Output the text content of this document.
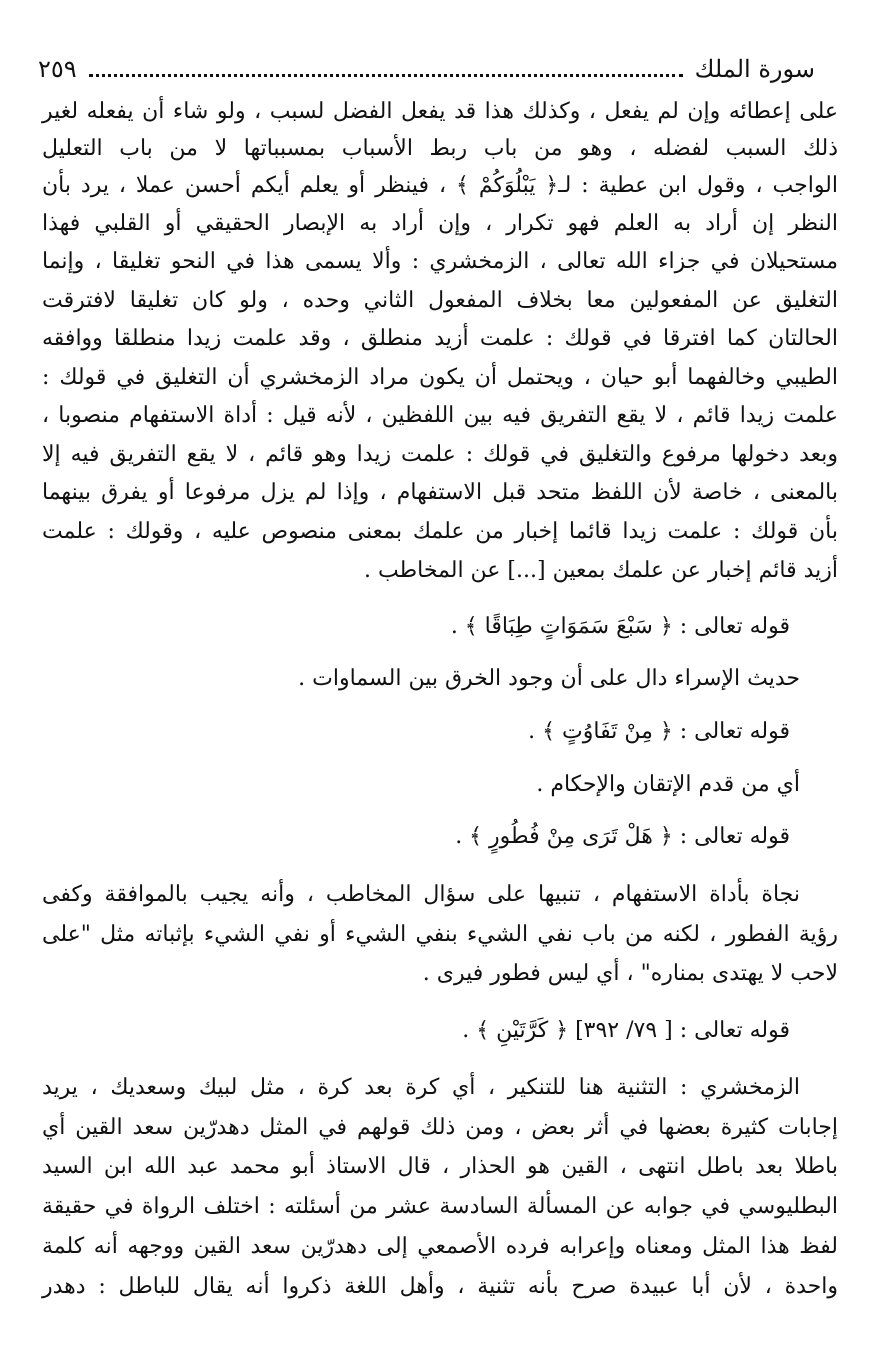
سورة الملك
٢٥٩
على إعطائه وإن لم يفعل ، وكذلك هذا قد يفعل الفضل لسبب ، ولو شاء أن يفعله لغير
ذلك السبب لفضله ، وهو من باب ربط الأسباب بمسبباتها لا من باب التعليل
الواجب ، وقول ابن عطية : لـ﴿ يَبْلُوَكُمْ ﴾ ، فينظر أو يعلم أيكم أحسن عملا ، يرد بأن
النظر إن أراد به العلم فهو تكرار ، وإن أراد به الإبصار الحقيقي أو القلبي فهذا
مستحيلان في جزاء الله تعالى ، الزمخشري : وألا يسمى هذا في النحو تغليقا ، وإنما
التغليق عن المفعولين معا بخلاف المفعول الثاني وحده ، ولو كان تغليقا لافترقت
الحالتان كما افترقا في قولك : علمت أزيد منطلق ، وقد علمت زيدا منطلقا ووافقه
الطيبي وخالفهما أبو حيان ، ويحتمل أن يكون مراد الزمخشري أن التغليق في قولك :
علمت زيدا قائم ، لا يقع التفريق فيه بين اللفظين ، لأنه قيل : أداة الاستفهام منصوبا ،
وبعد دخولها مرفوع والتغليق في قولك : علمت زيدا وهو قائم ، لا يقع التفريق فيه إلا
بالمعنى ، خاصة لأن اللفظ متحد قبل الاستفهام ، وإذا لم يزل مرفوعا أو يفرق بينهما
بأن قولك : علمت زيدا قائما إخبار من علمك بمعنى منصوص عليه ، وقولك : علمت
أزيد قائم إخبار عن علمك بمعين [...] عن المخاطب .
قوله تعالى : ﴿ سَبْعَ سَمَوَاتٍ طِبَاقًا ﴾ .
حديث الإسراء دال على أن وجود الخرق بين السماوات .
قوله تعالى : ﴿ مِنْ تَفَاوُتٍ ﴾ .
أي من قدم الإتقان والإحكام .
قوله تعالى : ﴿ هَلْ تَرَى مِنْ فُطُورٍ ﴾ .
نجاة بأداة الاستفهام ، تنبيها على سؤال المخاطب ، وأنه يجيب بالموافقة وكفى
رؤية الفطور ، لكنه من باب نفي الشيء بنفي الشيء أو نفي الشيء بإثباته مثل "على
لاحب لا يهتدى بمناره" ، أي ليس فطور فيرى .
قوله تعالى : [ ٧٩/ ٣٩٢] ﴿ كَرَّتَيْنِ ﴾ .
الزمخشري : التثنية هنا للتنكير ، أي كرة بعد كرة ، مثل لبيك وسعديك ، يريد
إجابات كثيرة بعضها في أثر بعض ، ومن ذلك قولهم في المثل دهدرّين سعد القين أي
باطلا بعد باطل انتهى ، القين هو الحذار ، قال الاستاذ أبو محمد عبد الله ابن السيد
البطليوسي في جوابه عن المسألة السادسة عشر من أسئلته : اختلف الرواة في حقيقة
لفظ هذا المثل ومعناه وإعرابه فرده الأصمعي إلى دهدرّين سعد القين ووجهه أنه كلمة
واحدة ، لأن أبا عبيدة صرح بأنه تثنية ، وأهل اللغة ذكروا أنه يقال للباطل : دهدر
